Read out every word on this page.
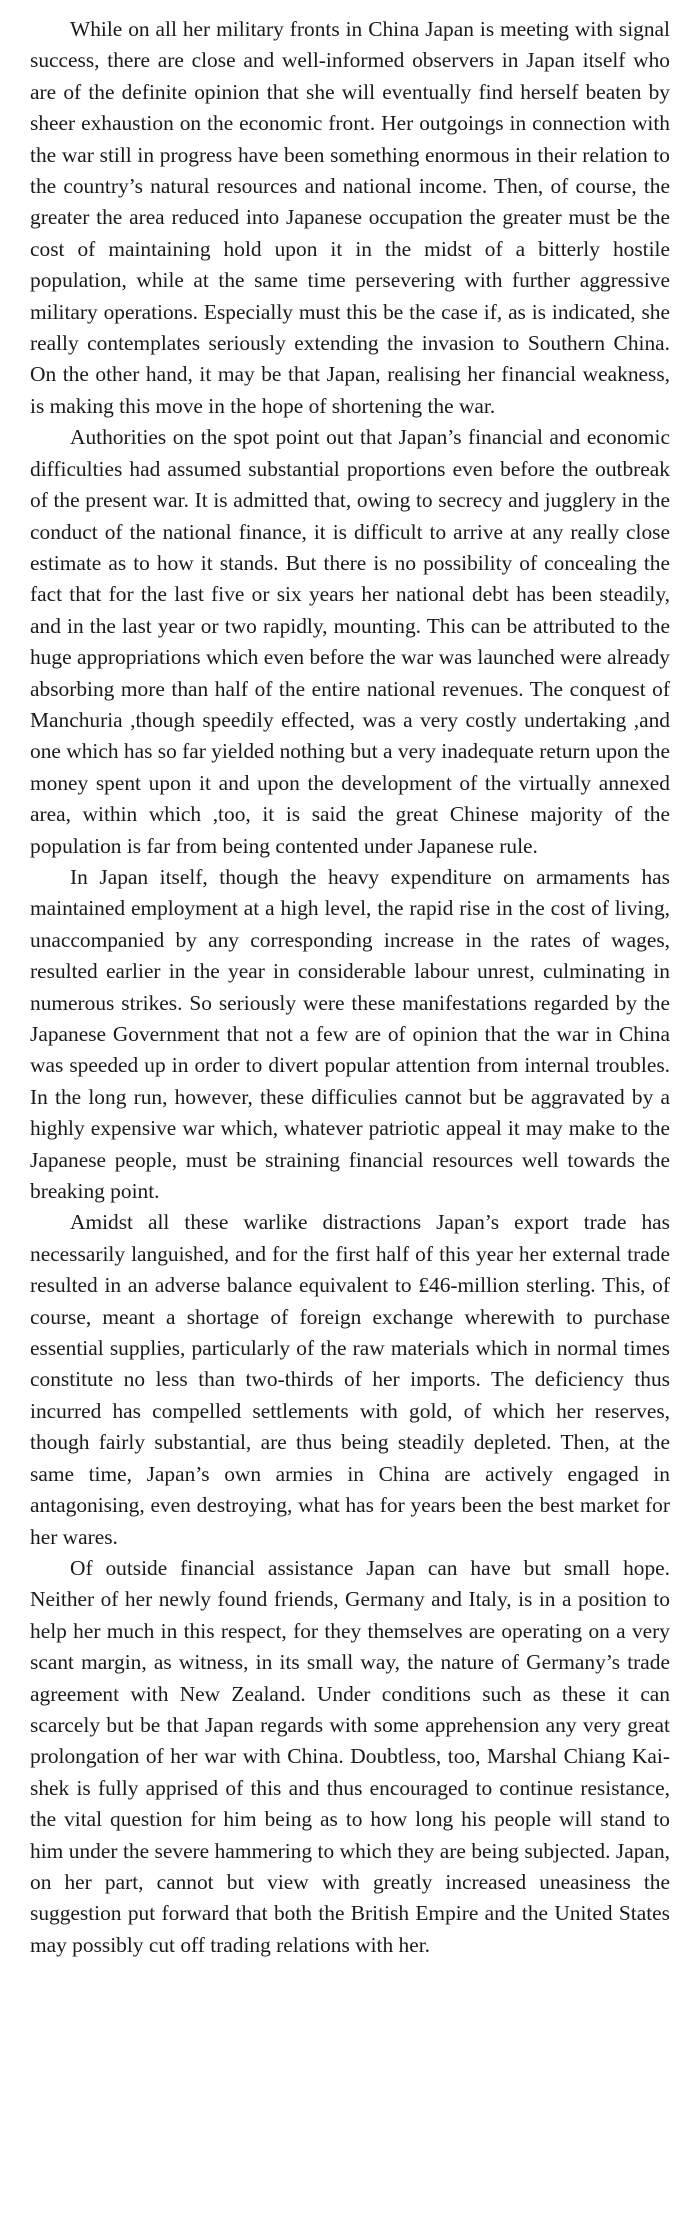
While on all her military fronts in China Japan is meeting with signal success, there are close and well-informed observers in Japan itself who are of the definite opinion that she will eventually find herself beaten by sheer exhaustion on the economic front. Her outgoings in connection with the war still in progress have been something enormous in their relation to the country’s natural resources and national income. Then, of course, the greater the area reduced into Japanese occupation the greater must be the cost of maintaining hold upon it in the midst of a bitterly hostile population, while at the same time persevering with further aggressive military operations. Especially must this be the case if, as is indicated, she really contemplates seriously extending the invasion to Southern China. On the other hand, it may be that Japan, realising her financial weakness, is making this move in the hope of shortening the war.

Authorities on the spot point out that Japan’s financial and economic difficulties had assumed substantial proportions even before the outbreak of the present war. It is admitted that, owing to secrecy and jugglery in the conduct of the national finance, it is difficult to arrive at any really close estimate as to how it stands. But there is no possibility of concealing the fact that for the last five or six years her national debt has been steadily, and in the last year or two rapidly, mounting. This can be attributed to the huge appropriations which even before the war was launched were already absorbing more than half of the entire national revenues. The conquest of Manchuria ,though speedily effected, was a very costly undertaking ,and one which has so far yielded nothing but a very inadequate return upon the money spent upon it and upon the development of the virtually annexed area, within which ,too, it is said the great Chinese majority of the population is far from being contented under Japanese rule.

In Japan itself, though the heavy expenditure on armaments has maintained employment at a high level, the rapid rise in the cost of living, unaccompanied by any corresponding increase in the rates of wages, resulted earlier in the year in considerable labour unrest, culminating in numerous strikes. So seriously were these manifestations regarded by the Japanese Government that not a few are of opinion that the war in China was speeded up in order to divert popular attention from internal troubles. In the long run, however, these difficulies cannot but be aggravated by a highly expensive war which, whatever patriotic appeal it may make to the Japanese people, must be straining financial resources well towards the breaking point.

Amidst all these warlike distractions Japan’s export trade has necessarily languished, and for the first half of this year her external trade resulted in an adverse balance equivalent to £46-million sterling. This, of course, meant a shortage of foreign exchange wherewith to purchase essential supplies, particularly of the raw materials which in normal times constitute no less than two-thirds of her imports. The deficiency thus incurred has compelled settlements with gold, of which her reserves, though fairly substantial, are thus being steadily depleted. Then, at the same time, Japan’s own armies in China are actively engaged in antagonising, even destroying, what has for years been the best market for her wares.

Of outside financial assistance Japan can have but small hope. Neither of her newly found friends, Germany and Italy, is in a position to help her much in this respect, for they themselves are operating on a very scant margin, as witness, in its small way, the nature of Germany’s trade agreement with New Zealand. Under conditions such as these it can scarcely but be that Japan regards with some apprehension any very great prolongation of her war with China. Doubtless, too, Marshal Chiang Kai-shek is fully apprised of this and thus encouraged to continue resistance, the vital question for him being as to how long his people will stand to him under the severe hammering to which they are being subjected. Japan, on her part, cannot but view with greatly increased uneasiness the suggestion put forward that both the British Empire and the United States may possibly cut off trading relations with her.
